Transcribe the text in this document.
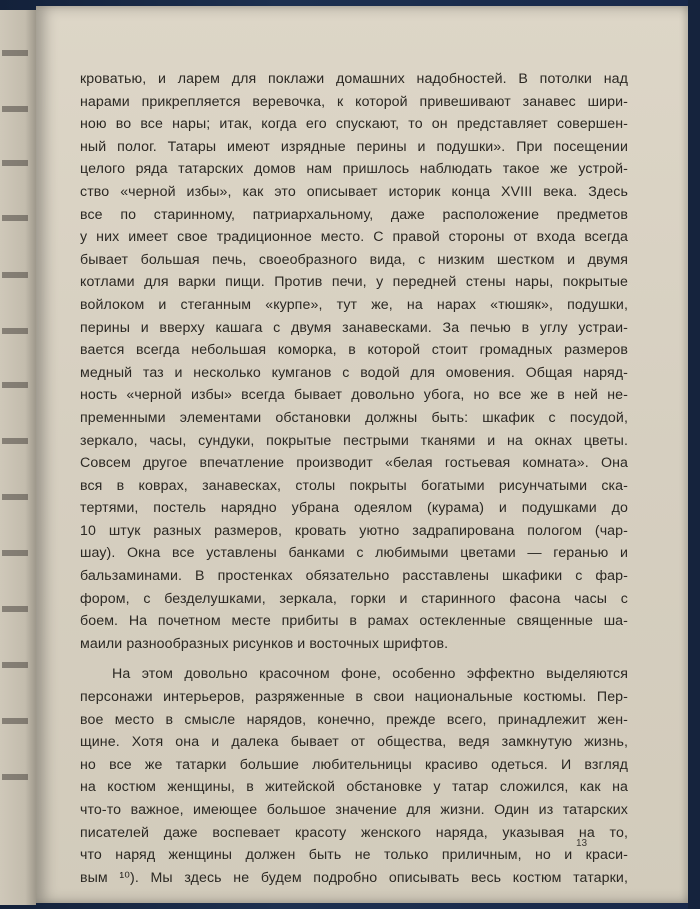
кроватью, и ларем для поклажи домашних надобностей. В потолки над
нарами прикрепляется веревочка, к которой привешивают занавес шири-
ною во все нары; итак, когда его спускают, то он представляет совершен-
ный полог. Татары имеют изрядные перины и подушки». При посещении
целого ряда татарских домов нам пришлось наблюдать такое же устрой-
ство «черной избы», как это описывает историк конца XVIII века. Здесь
все по старинному, патриархальному, даже расположение предметов
у них имеет свое традиционное место. С правой стороны от входа всегда
бывает большая печь, своеобразного вида, с низким шестком и двумя
котлами для варки пищи. Против печи, у передней стены нары, покрытые
войлоком и стеганным «курпе», тут же, на нарах «тюшяк», подушки,
перины и вверху кашага с двумя занавесками. За печью в углу устраи-
вается всегда небольшая коморка, в которой стоит громадных размеров
медный таз и несколько кумганов с водой для омовения. Общая наряд-
ность «черной избы» всегда бывает довольно убога, но все же в ней не-
пременными элементами обстановки должны быть: шкафик с посудой,
зеркало, часы, сундуки, покрытые пестрыми тканями и на окнах цветы.
Совсем другое впечатление производит «белая гостьевая комната». Она
вся в коврах, занавесках, столы покрыты богатыми рисунчатыми ска-
тертями, постель нарядно убрана одеялом (курама) и подушками до
10 штук разных размеров, кровать уютно задрапирована пологом (чар-
шау). Окна все уставлены банками с любимыми цветами — геранью и
бальзаминами. В простенках обязательно расставлены шкафики с фар-
фором, с безделушками, зеркала, горки и старинного фасона часы с
боем. На почетном месте прибиты в рамах остекленные священные ша-
маили разнообразных рисунков и восточных шрифтов.
На этом довольно красочном фоне, особенно эффектно выделяются
персонажи интерьеров, разряженные в свои национальные костюмы. Пер-
вое место в смысле нарядов, конечно, прежде всего, принадлежит жен-
щине. Хотя она и далека бывает от общества, ведя замкнутую жизнь,
но все же татарки большие любительницы красиво одеться. И взгляд
на костюм женщины, в житейской обстановке у татар сложился, как на
что-то важное, имеющее большое значение для жизни. Один из татарских
писателей даже воспевает красоту женского наряда, указывая на то,
что наряд женщины должен быть не только приличным, но и краси-
вым ¹⁰). Мы здесь не будем подробно описывать весь костюм татарки,
13
